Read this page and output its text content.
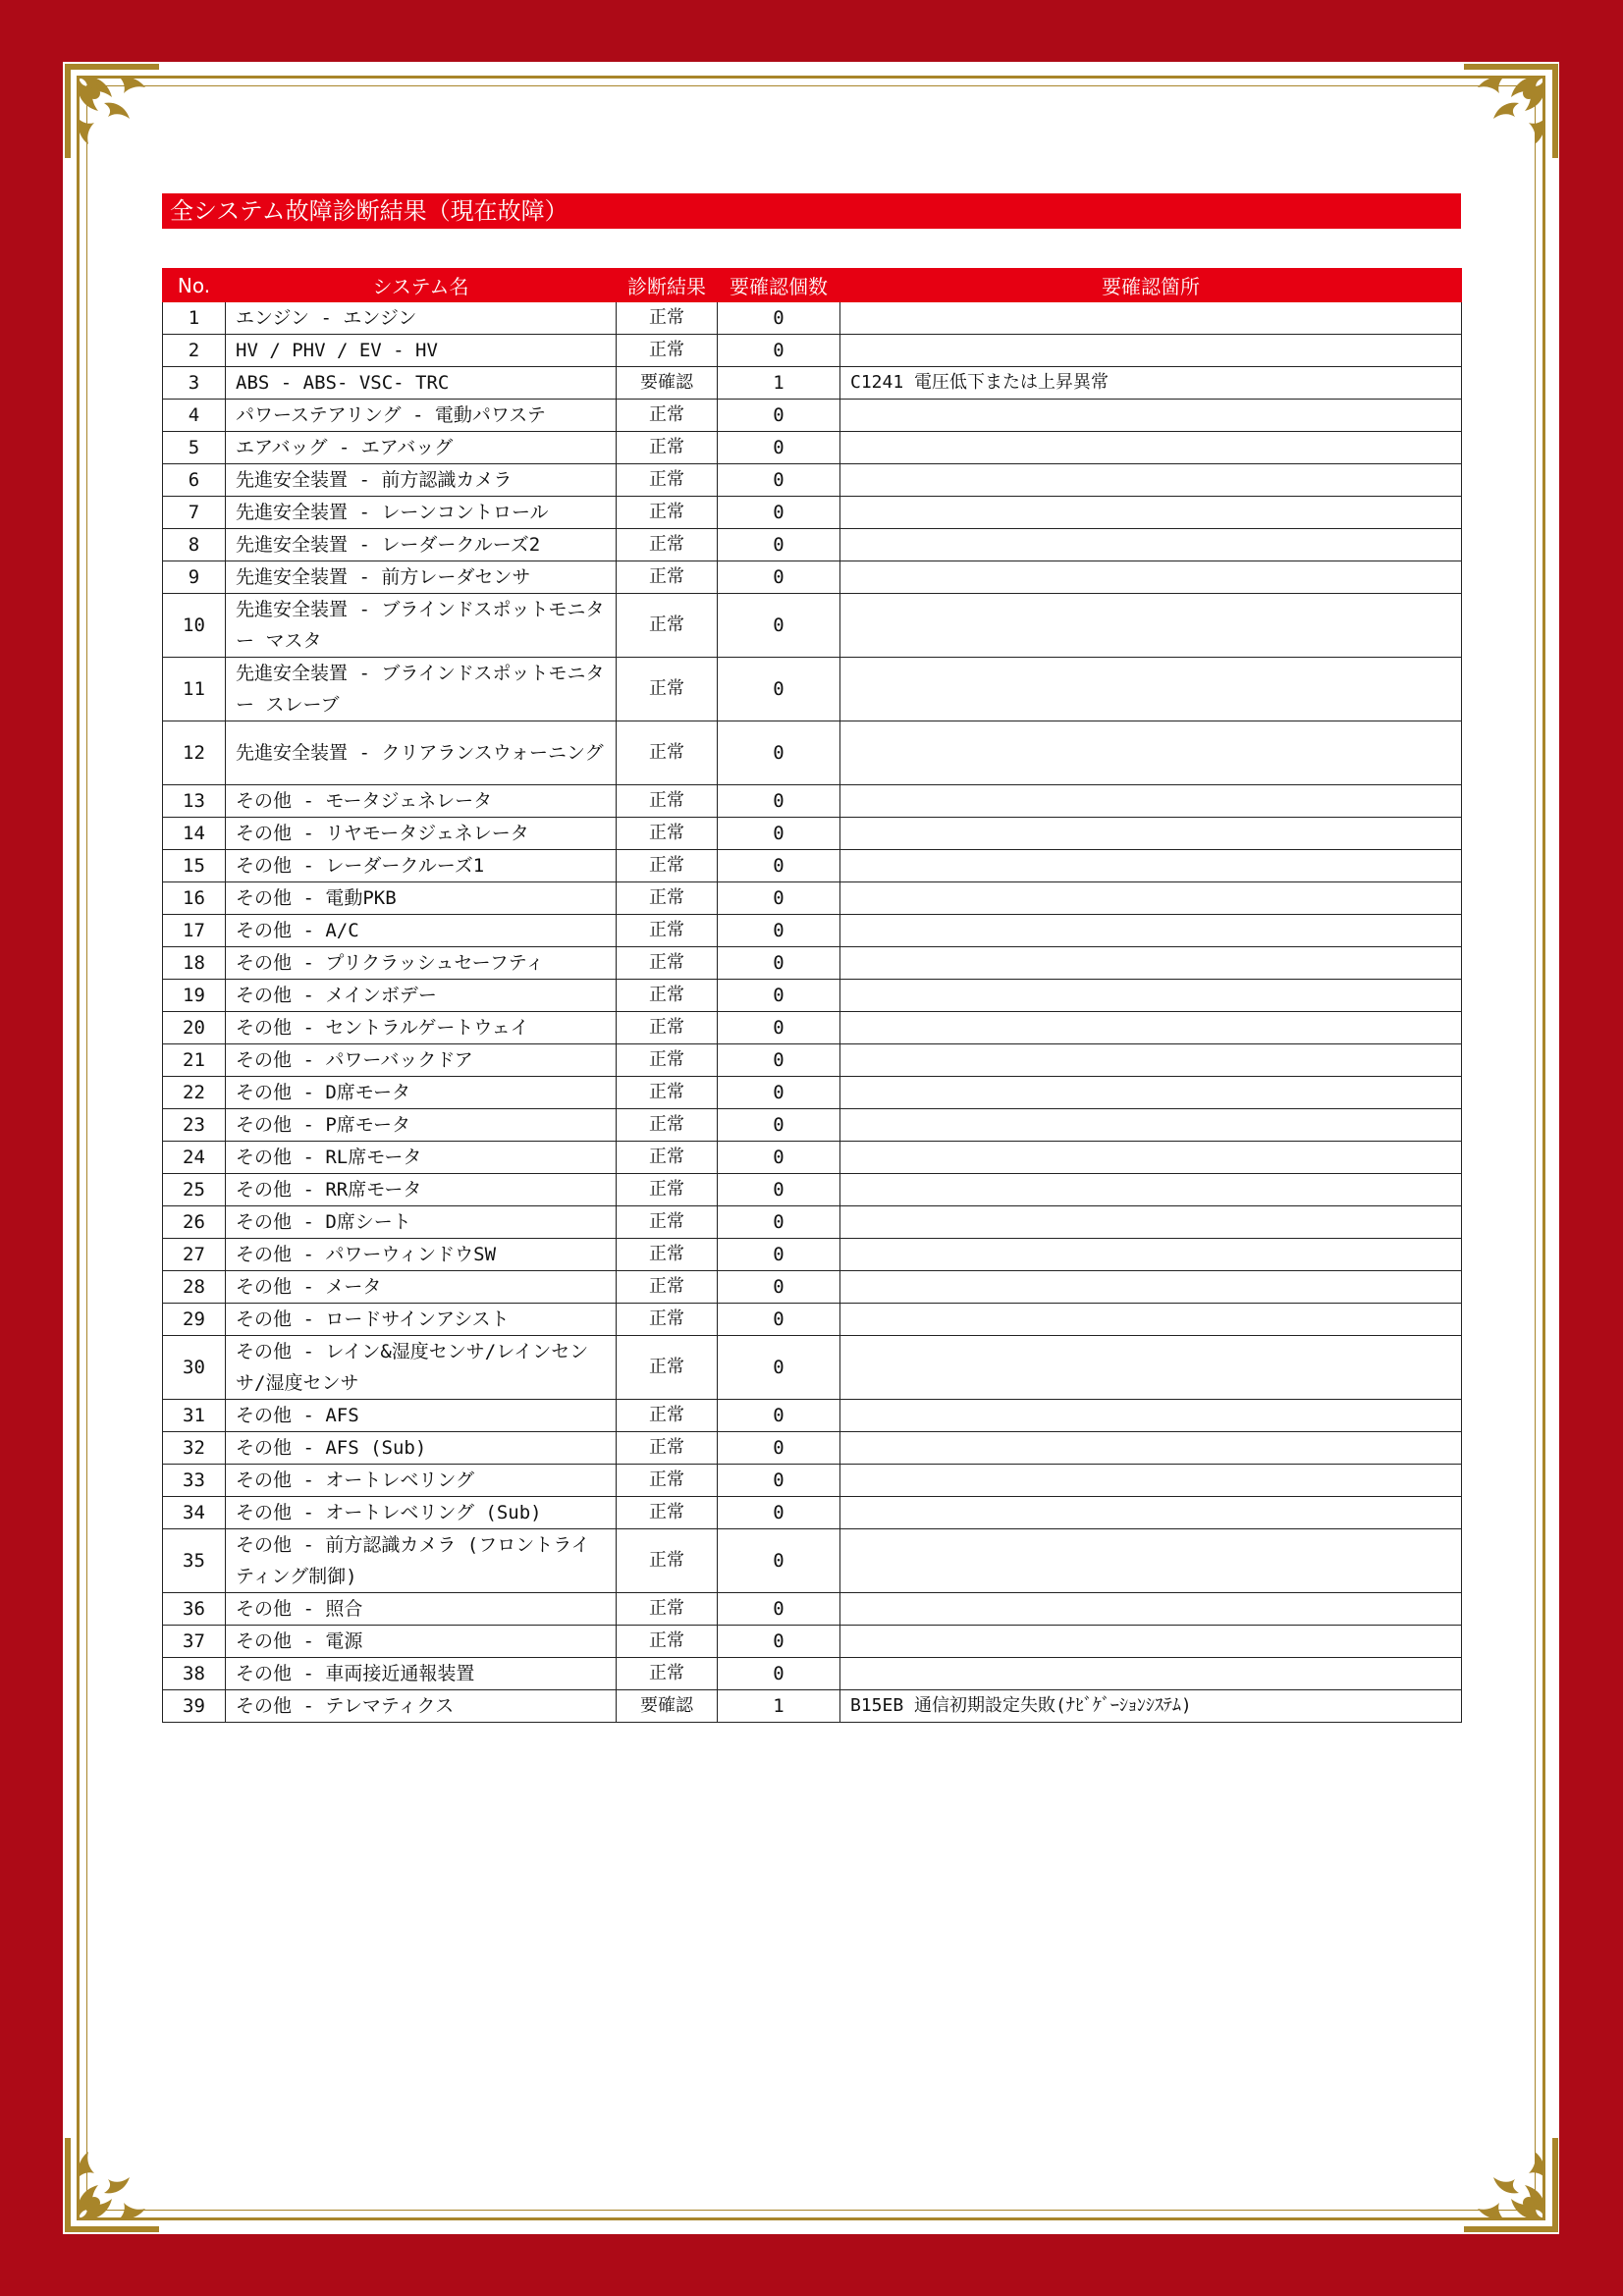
全システム故障診断結果（現在故障）
No.	システム名	診断結果	要確認個数	要確認箇所
1	エンジン - エンジン	正常	0	
2	HV / PHV / EV - HV	正常	0	
3	ABS - ABS- VSC- TRC	要確認	1	C1241 電圧低下または上昇異常
4	パワーステアリング - 電動パワステ	正常	0	
5	エアバッグ - エアバッグ	正常	0	
6	先進安全装置 - 前方認識カメラ	正常	0	
7	先進安全装置 - レーンコントロール	正常	0	
8	先進安全装置 - レーダークルーズ2	正常	0	
9	先進安全装置 - 前方レーダセンサ	正常	0	
10	先進安全装置 - ブラインドスポットモニター マスタ	正常	0	
11	先進安全装置 - ブラインドスポットモニター スレーブ	正常	0	
12	先進安全装置 - クリアランスウォーニング	正常	0	
13	その他 - モータジェネレータ	正常	0	
14	その他 - リヤモータジェネレータ	正常	0	
15	その他 - レーダークルーズ1	正常	0	
16	その他 - 電動PKB	正常	0	
17	その他 - A/C	正常	0	
18	その他 - プリクラッシュセーフティ	正常	0	
19	その他 - メインボデー	正常	0	
20	その他 - セントラルゲートウェイ	正常	0	
21	その他 - パワーバックドア	正常	0	
22	その他 - D席モータ	正常	0	
23	その他 - P席モータ	正常	0	
24	その他 - RL席モータ	正常	0	
25	その他 - RR席モータ	正常	0	
26	その他 - D席シート	正常	0	
27	その他 - パワーウィンドウSW	正常	0	
28	その他 - メータ	正常	0	
29	その他 - ロードサインアシスト	正常	0	
30	その他 - レイン&湿度センサ/レインセンサ/湿度センサ	正常	0	
31	その他 - AFS	正常	0	
32	その他 - AFS (Sub)	正常	0	
33	その他 - オートレベリング	正常	0	
34	その他 - オートレベリング (Sub)	正常	0	
35	その他 - 前方認識カメラ (フロントライティング制御)	正常	0	
36	その他 - 照合	正常	0	
37	その他 - 電源	正常	0	
38	その他 - 車両接近通報装置	正常	0	
39	その他 - テレマティクス	要確認	1	B15EB 通信初期設定失敗(ﾅﾋﾞｹﾞｰｼｮﾝｼｽﾃﾑ)
